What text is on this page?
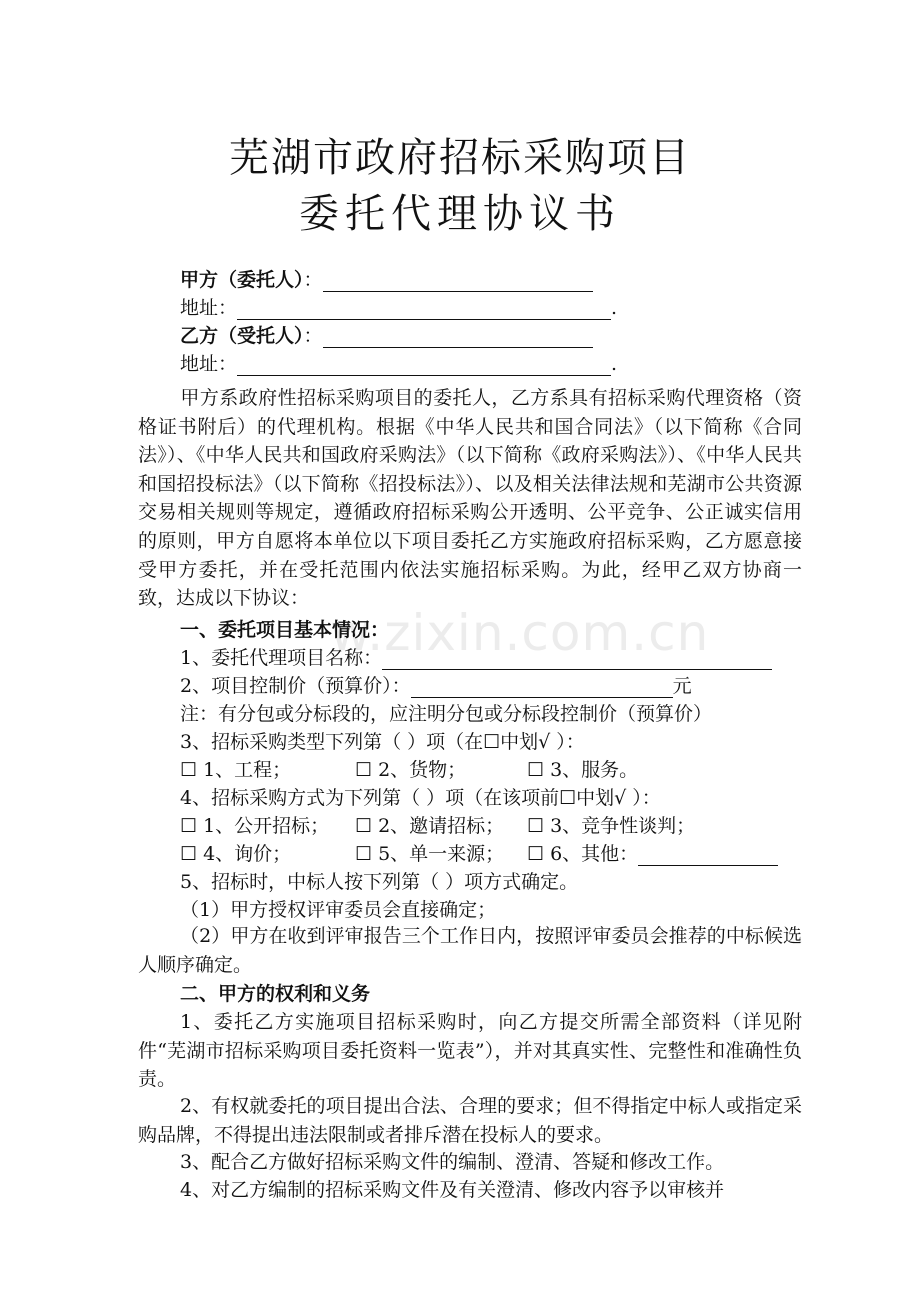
w.zixin.com.cn
芜湖市政府招标采购项目
委托代理协议书
甲方（委托人）：
地址：	.
乙方（受托人）：
地址：	.
甲方系政府性招标采购项目的委托人，乙方系具有招标采购代理资格（资格证书附后）的代理机构。根据《中华人民共和国合同法》（以下简称《合同法》）、《中华人民共和国政府采购法》（以下简称《政府采购法》）、《中华人民共和国招投标法》（以下简称《招投标法》）、以及相关法律法规和芜湖市公共资源交易相关规则等规定，遵循政府招标采购公开透明、公平竞争、公正诚实信用的原则，甲方自愿将本单位以下项目委托乙方实施政府招标采购，乙方愿意接受甲方委托，并在受托范围内依法实施招标采购。为此，经甲乙双方协商一致，达成以下协议：
一、委托项目基本情况：
1、委托代理项目名称：
2、项目控制价（预算价）：	元
注：有分包或分标段的，应注明分包或分标段控制价（预算价）
3、招标采购类型下列第（ ）项（在☐中划√ ）：
☐ 1、工程；	☐ 2、货物；	☐ 3、服务。
4、招标采购方式为下列第（ ）项（在该项前☐中划√ ）：
☐ 1、公开招标； ☐ 2、邀请招标； ☐ 3、竞争性谈判；
☐ 4、询价；	☐ 5、单一来源； ☐ 6、其他：
5、招标时，中标人按下列第（ ）项方式确定。
（1）甲方授权评审委员会直接确定；
（2）甲方在收到评审报告三个工作日内，按照评审委员会推荐的中标候选人顺序确定。
二、甲方的权利和义务
1、委托乙方实施项目招标采购时，向乙方提交所需全部资料（详见附件“芜湖市招标采购项目委托资料一览表”），并对其真实性、完整性和准确性负责。
2、有权就委托的项目提出合法、合理的要求；但不得指定中标人或指定采购品牌，不得提出违法限制或者排斥潜在投标人的要求。
3、配合乙方做好招标采购文件的编制、澄清、答疑和修改工作。
4、对乙方编制的招标采购文件及有关澄清、修改内容予以审核并
